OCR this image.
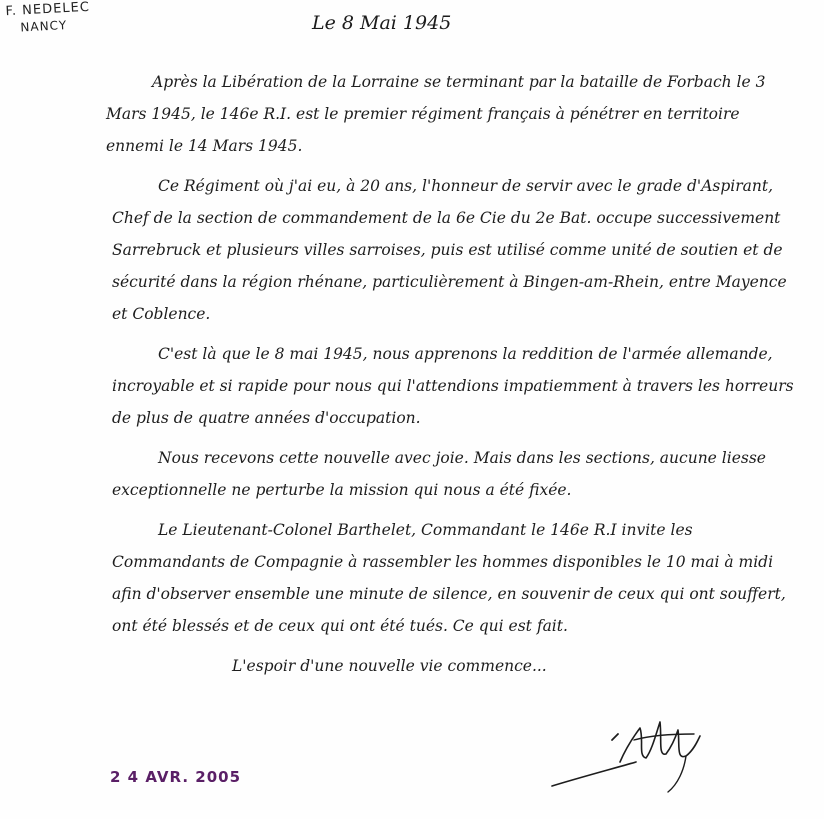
F. NEDELEC
NANCY	Le 8 Mai 1945

Après la Libération de la Lorraine se terminant par la bataille de Forbach le 3 Mars 1945, le 146e R.I. est le premier régiment français à pénétrer en territoire ennemi le 14 Mars 1945.

Ce Régiment où j'ai eu, à 20 ans, l'honneur de servir avec le grade d'Aspirant, Chef de la section de commandement de la 6e Cie du 2e Bat. occupe successivement Sarrebruck et plusieurs villes sarroises, puis est utilisé comme unité de soutien et de sécurité dans la région rhénane, particulièrement à Bingen-am-Rhein, entre Mayence et Coblence.

C'est là que le 8 mai 1945, nous apprenons la reddition de l'armée allemande, incroyable et si rapide pour nous qui l'attendions impatiemment à travers les horreurs de plus de quatre années d'occupation.

Nous recevons cette nouvelle avec joie. Mais dans les sections, aucune liesse exceptionnelle ne perturbe la mission qui nous a été fixée.

Le Lieutenant-Colonel Barthelet, Commandant le 146e R.I invite les Commandants de Compagnie à rassembler les hommes disponibles le 10 mai à midi afin d'observer ensemble une minute de silence, en souvenir de ceux qui ont souffert, ont été blessés et de ceux qui ont été tués. Ce qui est fait.

L'espoir d'une nouvelle vie commence...

2 4 AVR. 2005
